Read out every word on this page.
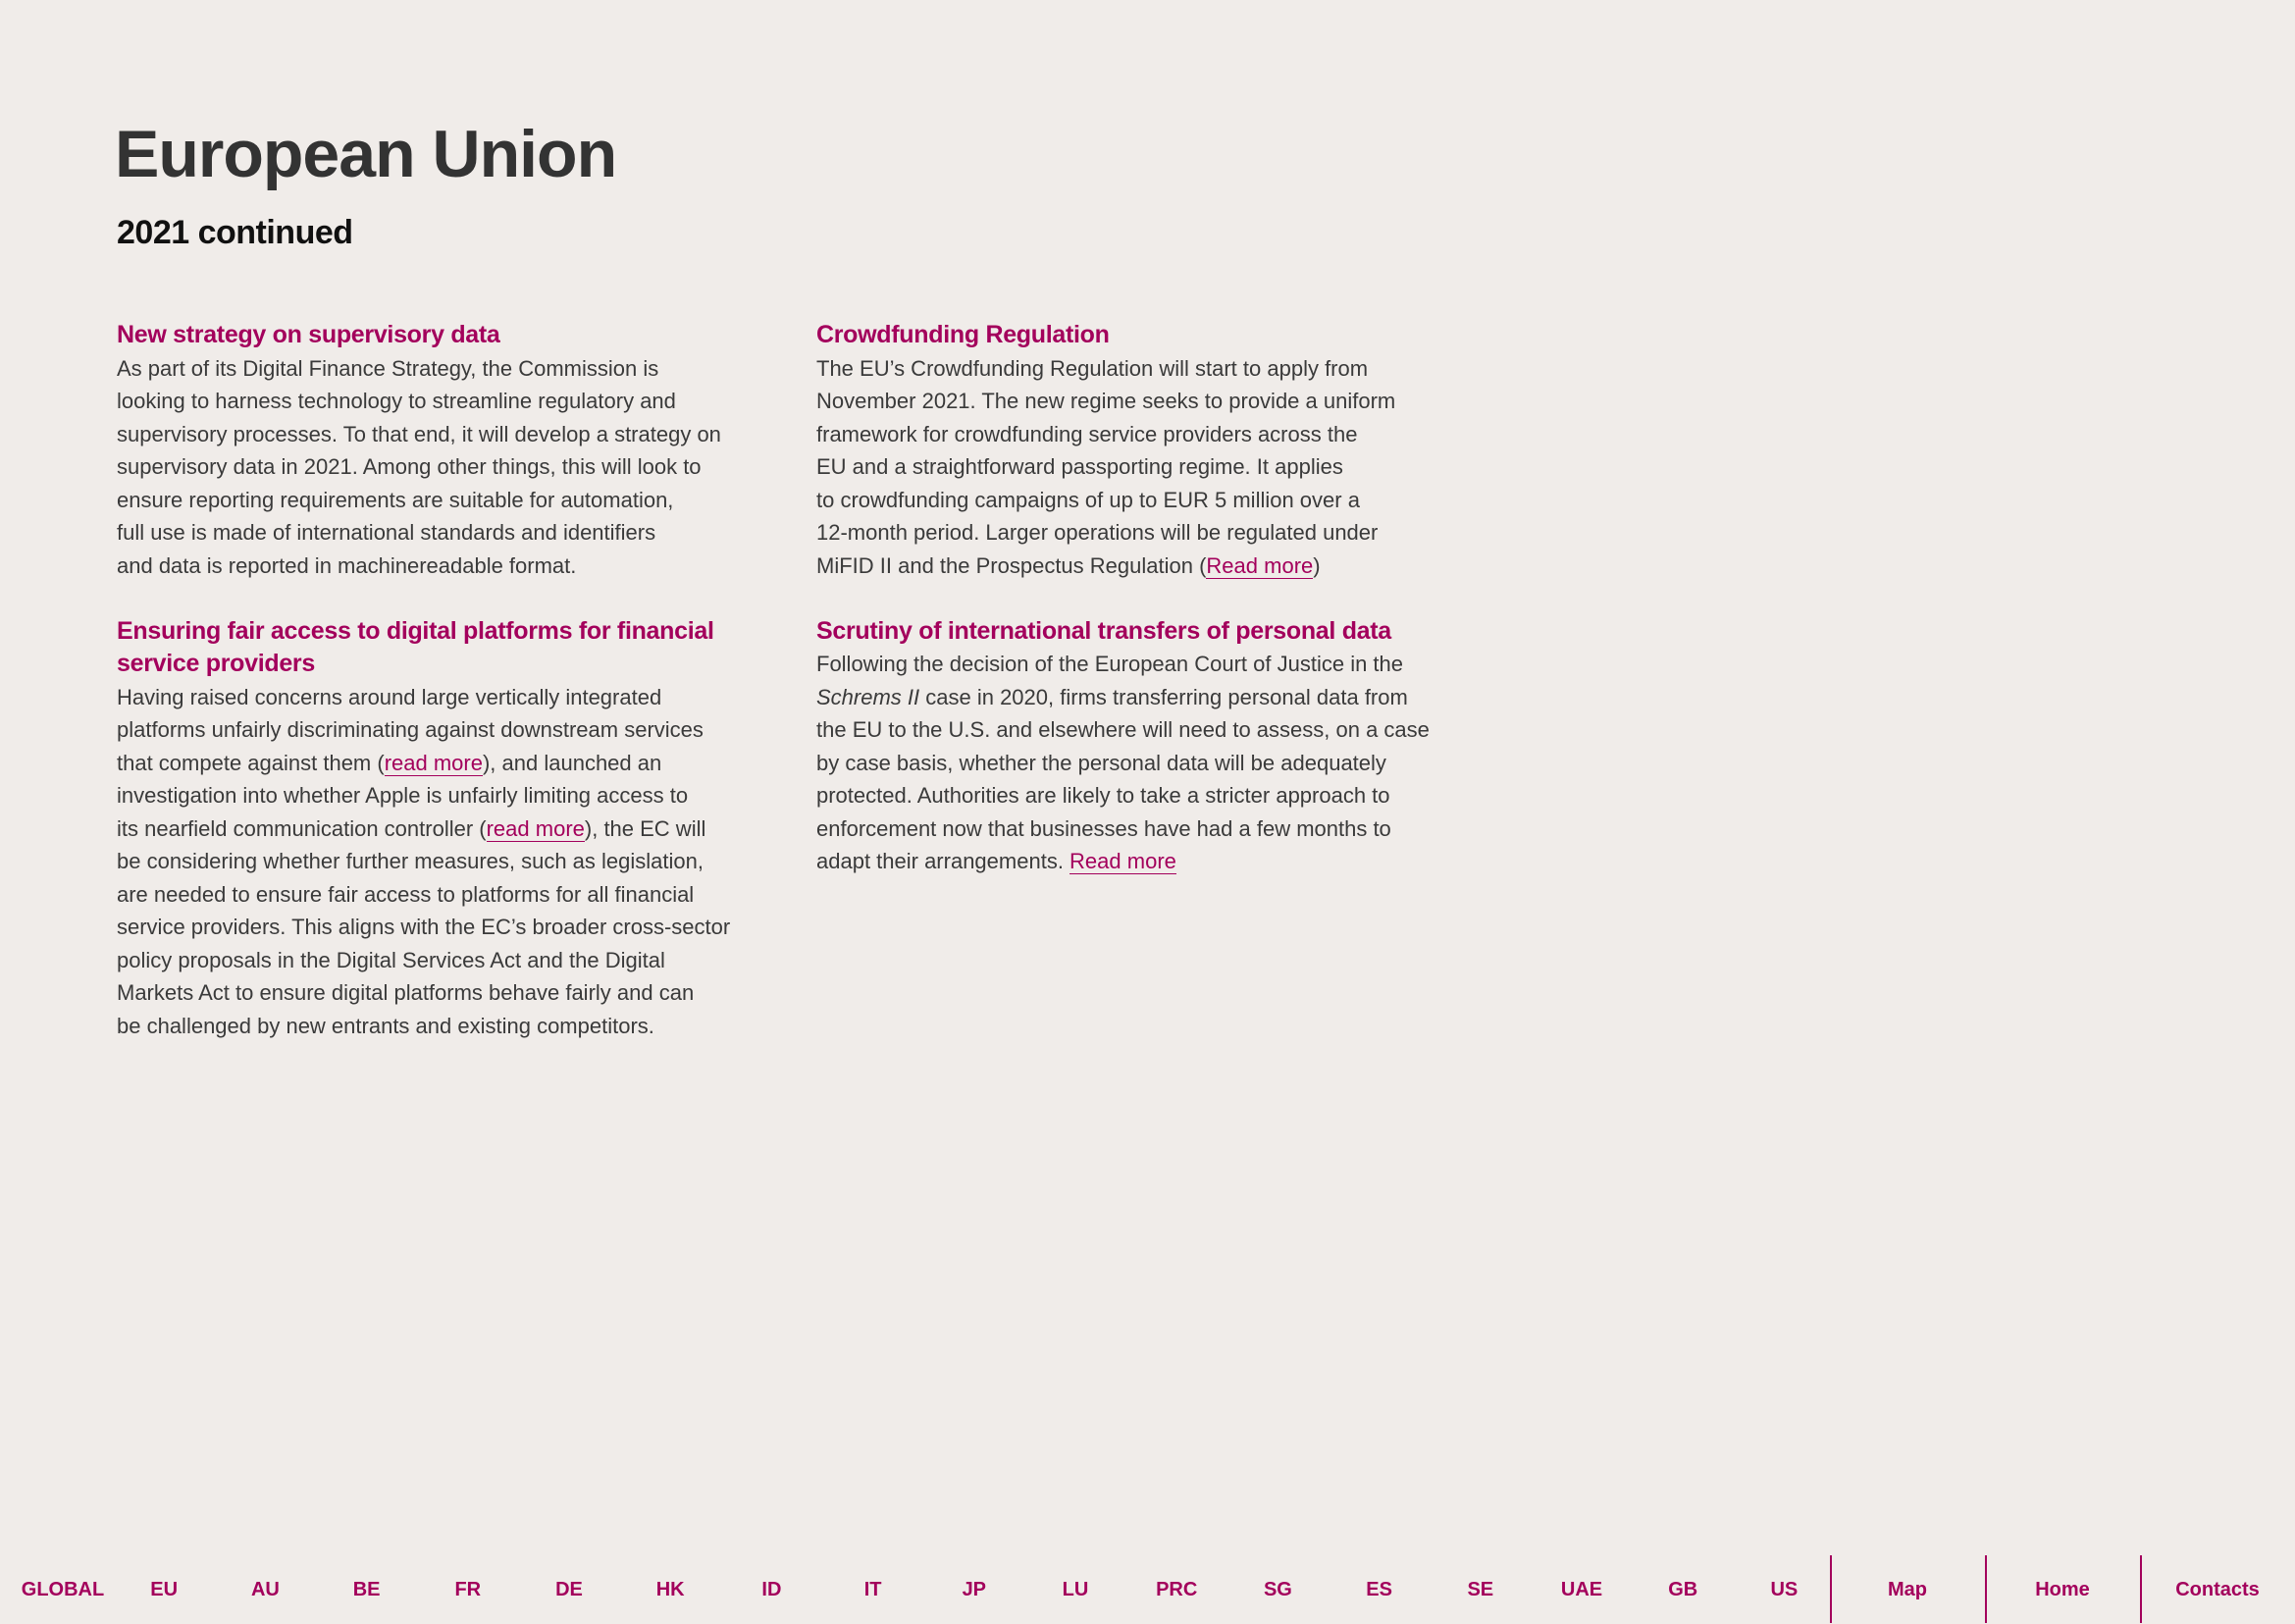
European Union
2021 continued
New strategy on supervisory data
As part of its Digital Finance Strategy, the Commission is
looking to harness technology to streamline regulatory and
supervisory processes. To that end, it will develop a strategy on
supervisory data in 2021. Among other things, this will look to
ensure reporting requirements are suitable for automation,
full use is made of international standards and identifiers
and data is reported in machinereadable format.
Ensuring fair access to digital platforms for financial
service providers
Having raised concerns around large vertically integrated
platforms unfairly discriminating against downstream services
that compete against them (read more), and launched an
investigation into whether Apple is unfairly limiting access to
its nearfield communication controller (read more), the EC will
be considering whether further measures, such as legislation,
are needed to ensure fair access to platforms for all financial
service providers. This aligns with the EC’s broader cross-sector
policy proposals in the Digital Services Act and the Digital
Markets Act to ensure digital platforms behave fairly and can
be challenged by new entrants and existing competitors.
Crowdfunding Regulation
The EU’s Crowdfunding Regulation will start to apply from
November 2021. The new regime seeks to provide a uniform
framework for crowdfunding service providers across the
EU and a straightforward passporting regime. It applies
to crowdfunding campaigns of up to EUR 5 million over a
12-month period. Larger operations will be regulated under
MiFID II and the Prospectus Regulation (Read more)
Scrutiny of international transfers of personal data
Following the decision of the European Court of Justice in the
Schrems II case in 2020, firms transferring personal data from
the EU to the U.S. and elsewhere will need to assess, on a case
by case basis, whether the personal data will be adequately
protected. Authorities are likely to take a stricter approach to
enforcement now that businesses have had a few months to
adapt their arrangements. Read more
GLOBAL EU	AU	BE	FR	DE	HK	ID	IT	JP	LU	PRC	SG	ES	SE	UAE	GB	US	Map	Home	Contacts
